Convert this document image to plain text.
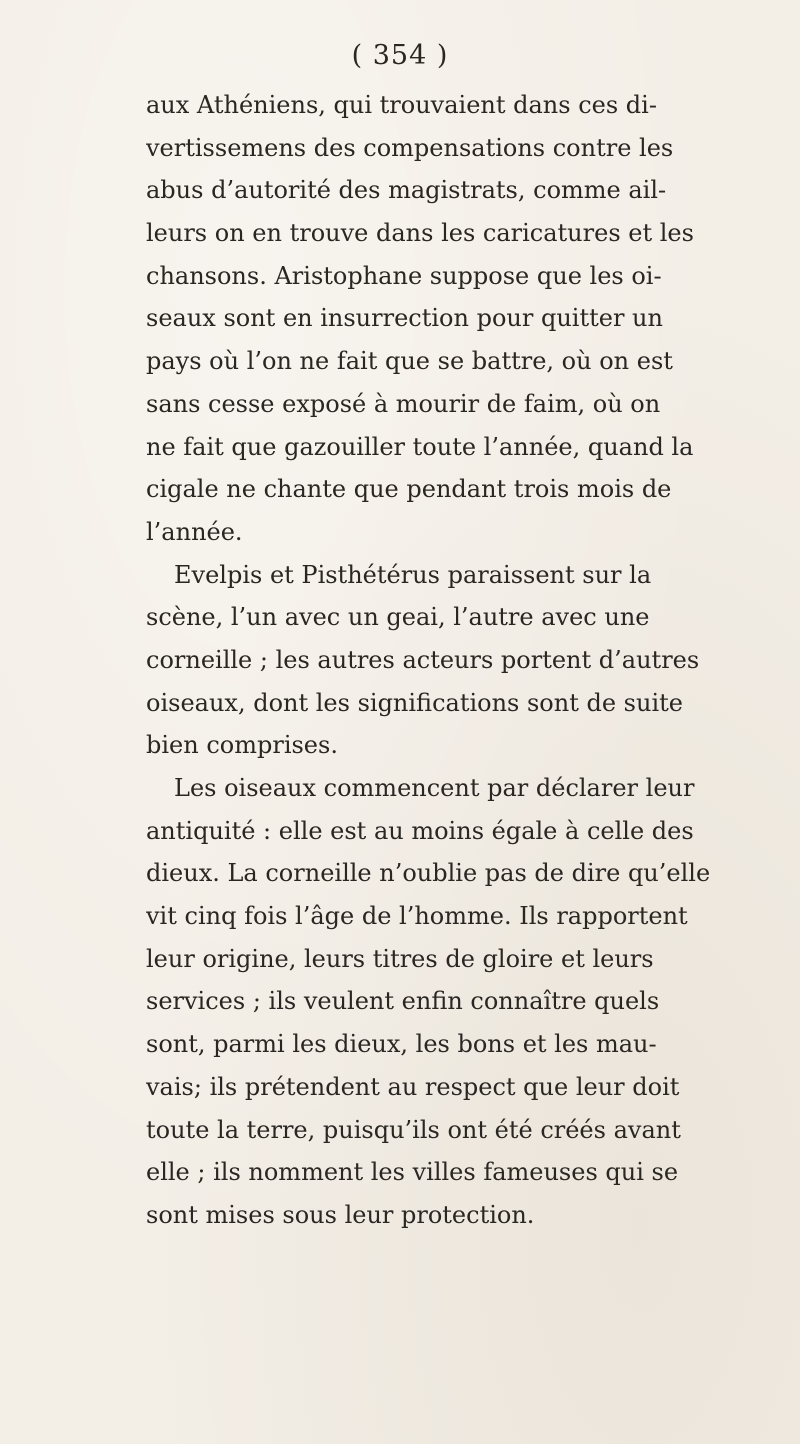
( 354 )
aux Athéniens, qui trouvaient dans ces di-
vertissemens des compensations contre les
abus d’autorité des magistrats, comme ail-
leurs on en trouve dans les caricatures et les
chansons. Aristophane suppose que les oi-
seaux sont en insurrection pour quitter un
pays où l’on ne fait que se battre, où on est
sans cesse exposé à mourir de faim, où on
ne fait que gazouiller toute l’année, quand la
cigale ne chante que pendant trois mois de
l’année.
Evelpis et Pisthétérus paraissent sur la
scène, l’un avec un geai, l’autre avec une
corneille ; les autres acteurs portent d’autres
oiseaux, dont les significations sont de suite
bien comprises.
Les oiseaux commencent par déclarer leur
antiquité : elle est au moins égale à celle des
dieux. La corneille n’oublie pas de dire qu’elle
vit cinq fois l’âge de l’homme. Ils rapportent
leur origine, leurs titres de gloire et leurs
services ; ils veulent enfin connaître quels
sont, parmi les dieux, les bons et les mau-
vais; ils prétendent au respect que leur doit
toute la terre, puisqu’ils ont été créés avant
elle ; ils nomment les villes fameuses qui se
sont mises sous leur protection.
